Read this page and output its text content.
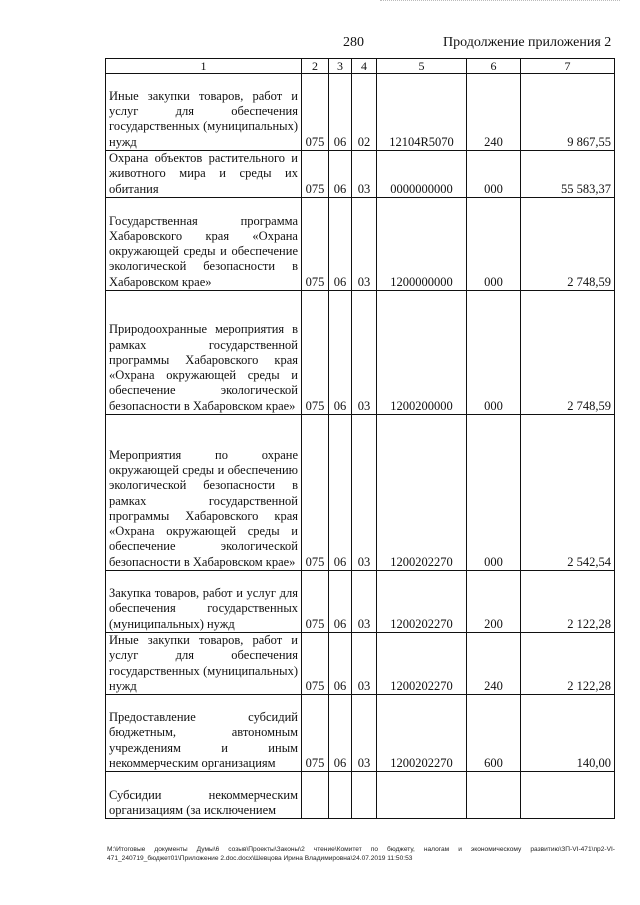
280	Продолжение приложения 2
1	2	3	4	5	6	7
Иные закупки товаров, работ и услуг для обеспечения государственных (муниципальных) нужд	075	06	02	12104R5070	240	9 867,55
Охрана объектов растительного и животного мира и среды их обитания	075	06	03	0000000000	000	55 583,37
Государственная программа Хабаровского края «Охрана окружающей среды и обеспечение экологической безопасности в Хабаровском крае»	075	06	03	1200000000	000	2 748,59
Природоохранные мероприятия в рамках государственной программы Хабаровского края «Охрана окружающей среды и обеспечение экологической безопасности в Хабаровском крае»	075	06	03	1200200000	000	2 748,59
Мероприятия по охране окружающей среды и обеспечению экологической безопасности в рамках государственной программы Хабаровского края «Охрана окружающей среды и обеспечение экологической безопасности в Хабаровском крае»	075	06	03	1200202270	000	2 542,54
Закупка товаров, работ и услуг для обеспечения государственных (муниципальных) нужд	075	06	03	1200202270	200	2 122,28
Иные закупки товаров, работ и услуг для обеспечения государственных (муниципальных) нужд	075	06	03	1200202270	240	2 122,28
Предоставление субсидий бюджетным, автономным учреждениям и иным некоммерческим организациям	075	06	03	1200202270	600	140,00
Субсидии некоммерческим организациям (за исключением						
М:\Итоговые документы Думы\6 созыв\Проекты\Законы\2 чтение\Комитет по бюджету, налогам и экономическому развитию\ЗП-VI-471\пр2-VI-471_240719_бюджет01\Приложение 2.doc.docx\Шевцова Ирина Владимировна\24.07.2019 11:50:53
